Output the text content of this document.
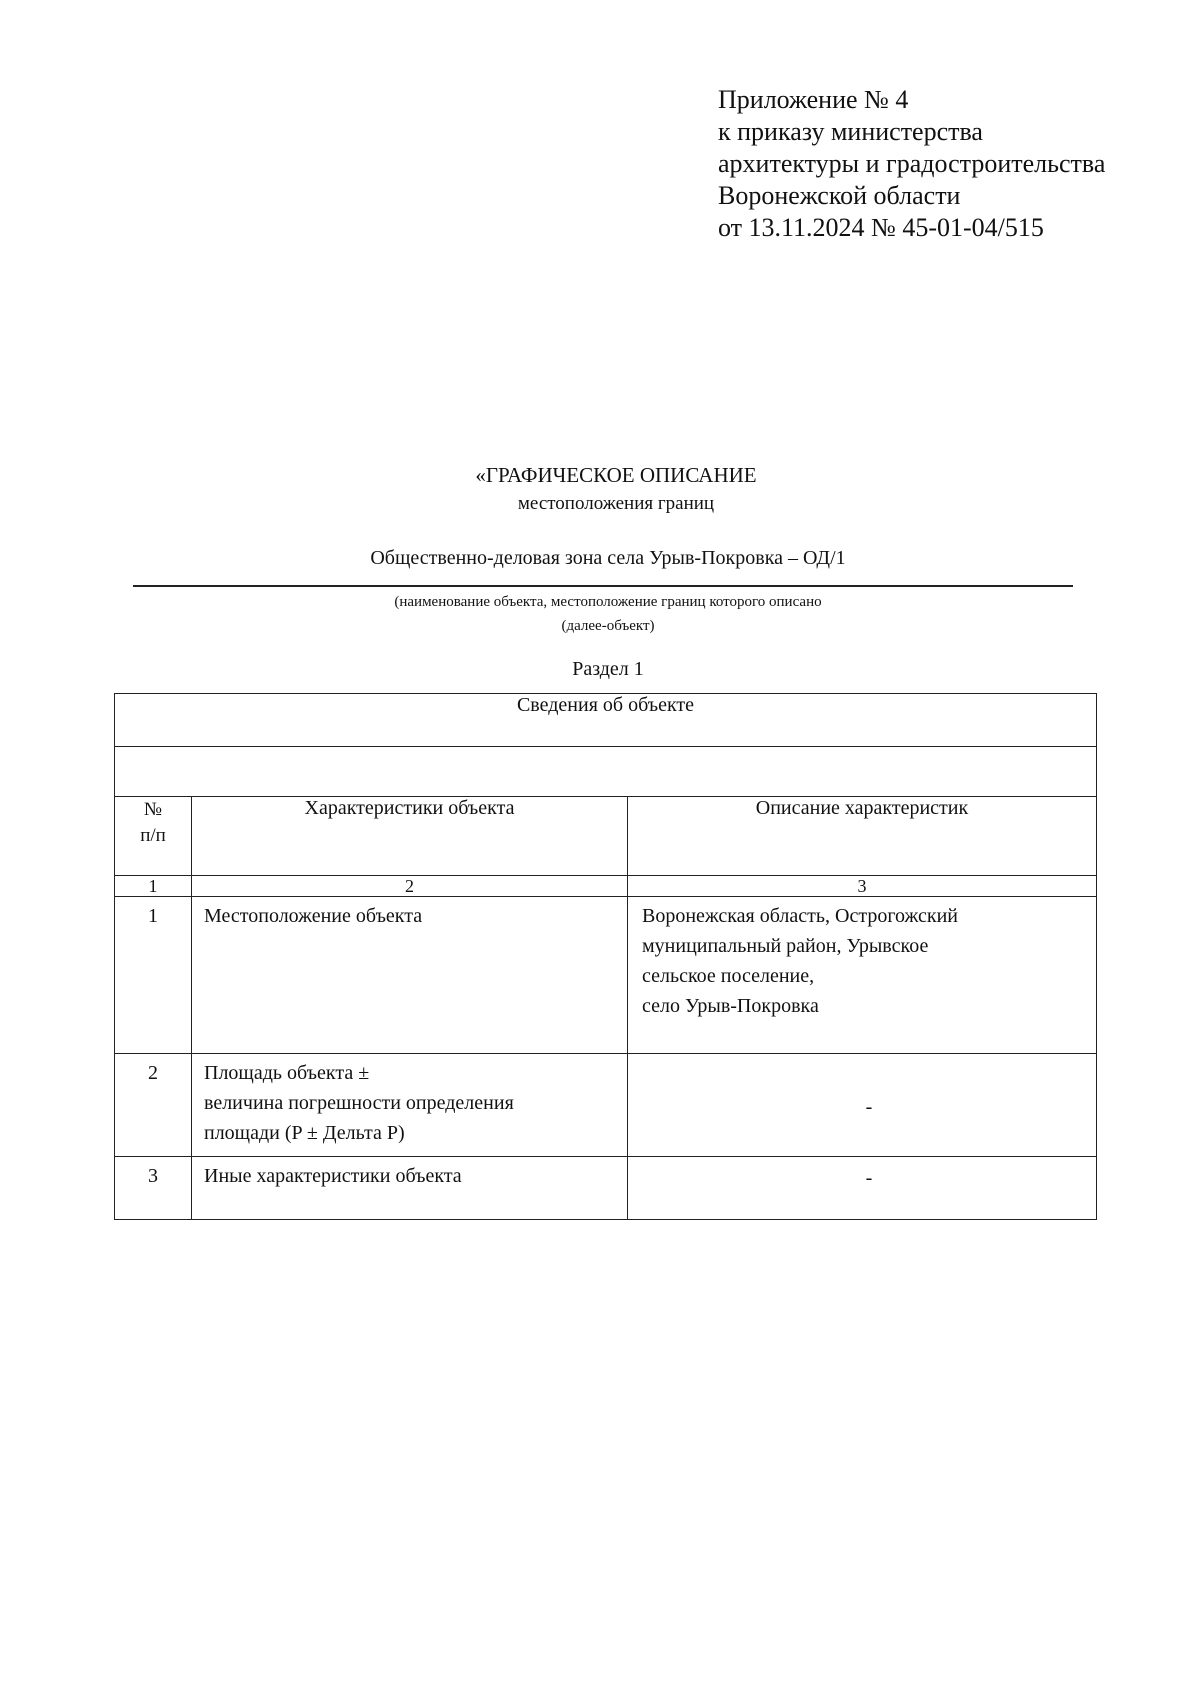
Приложение № 4
к приказу министерства
архитектуры и градостроительства
Воронежской области
от 13.11.2024 № 45-01-04/515
«ГРАФИЧЕСКОЕ ОПИСАНИЕ
местоположения границ
Общественно-деловая зона села Урыв-Покровка – ОД/1
(наименование объекта, местоположение границ которого описано
(далее-объект)
Раздел 1
Сведения об объекте		

№
п/п	Характеристики объекта	Описание характеристик
1	2	3
1	Местоположение объекта	Воронежская область, Острогожский
муниципальный район, Урывское
сельское поселение,
село Урыв-Покровка

2	Площадь объекта ±
величина погрешности определения
площади (P ± Дельта P)	-
3	Иные характеристики объекта	-
